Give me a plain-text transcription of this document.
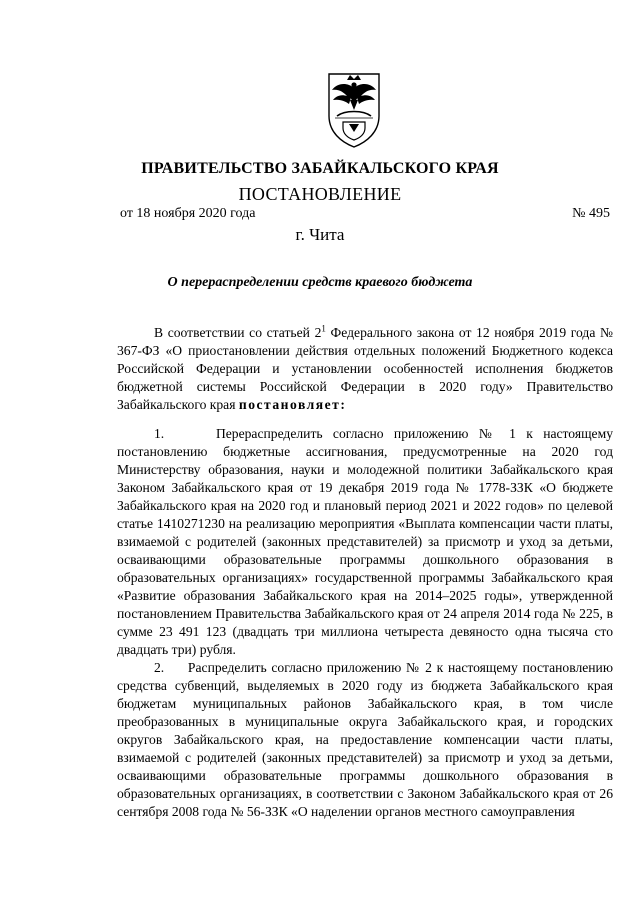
ПРАВИТЕЛЬСТВО ЗАБАЙКАЛЬСКОГО КРАЯ
ПОСТАНОВЛЕНИЕ
от 18 ноября 2020 года	№ 495
г. Чита
О перераспределении средств краевого бюджета

В соответствии со статьей $2^1$ Федерального закона от 12 ноября 2019 года № 367-ФЗ «О приостановлении действия отдельных положений Бюджетного кодекса Российской Федерации и установлении особенностей исполнения бюджетов бюджетной системы Российской Федерации в 2020 году» Правительство Забайкальского края постановляет:

1.     Перераспределить согласно приложению № 1 к настоящему постановлению бюджетные ассигнования, предусмотренные на 2020 год Министерству образования, науки и молодежной политики Забайкальского края Законом Забайкальского края от 19 декабря 2019 года № 1778-ЗЗК «О бюджете Забайкальского края на 2020 год и плановый период 2021 и 2022 годов» по целевой статье 1410271230 на реализацию мероприятия «Выплата компенсации части платы, взимаемой с родителей (законных представителей) за присмотр и уход за детьми, осваивающими образовательные программы дошкольного образования в образовательных организациях» государственной программы Забайкальского края «Развитие образования Забайкальского края на 2014–2025 годы», утвержденной постановлением Правительства Забайкальского края от 24 апреля 2014 года № 225, в сумме 23 491 123 (двадцать три миллиона четыреста девяносто одна тысяча сто двадцать три) рубля.

2.     Распределить согласно приложению № 2 к настоящему постановлению средства субвенций, выделяемых в 2020 году из бюджета Забайкальского края бюджетам муниципальных районов Забайкальского края, в том числе преобразованных в муниципальные округа Забайкальского края, и городских округов Забайкальского края, на предоставление компенсации части платы, взимаемой с родителей (законных представителей) за присмотр и уход за детьми, осваивающими образовательные программы дошкольного образования в образовательных организациях, в соответствии с Законом Забайкальского края от 26 сентября 2008 года № 56-ЗЗК «О наделении органов местного самоуправления
